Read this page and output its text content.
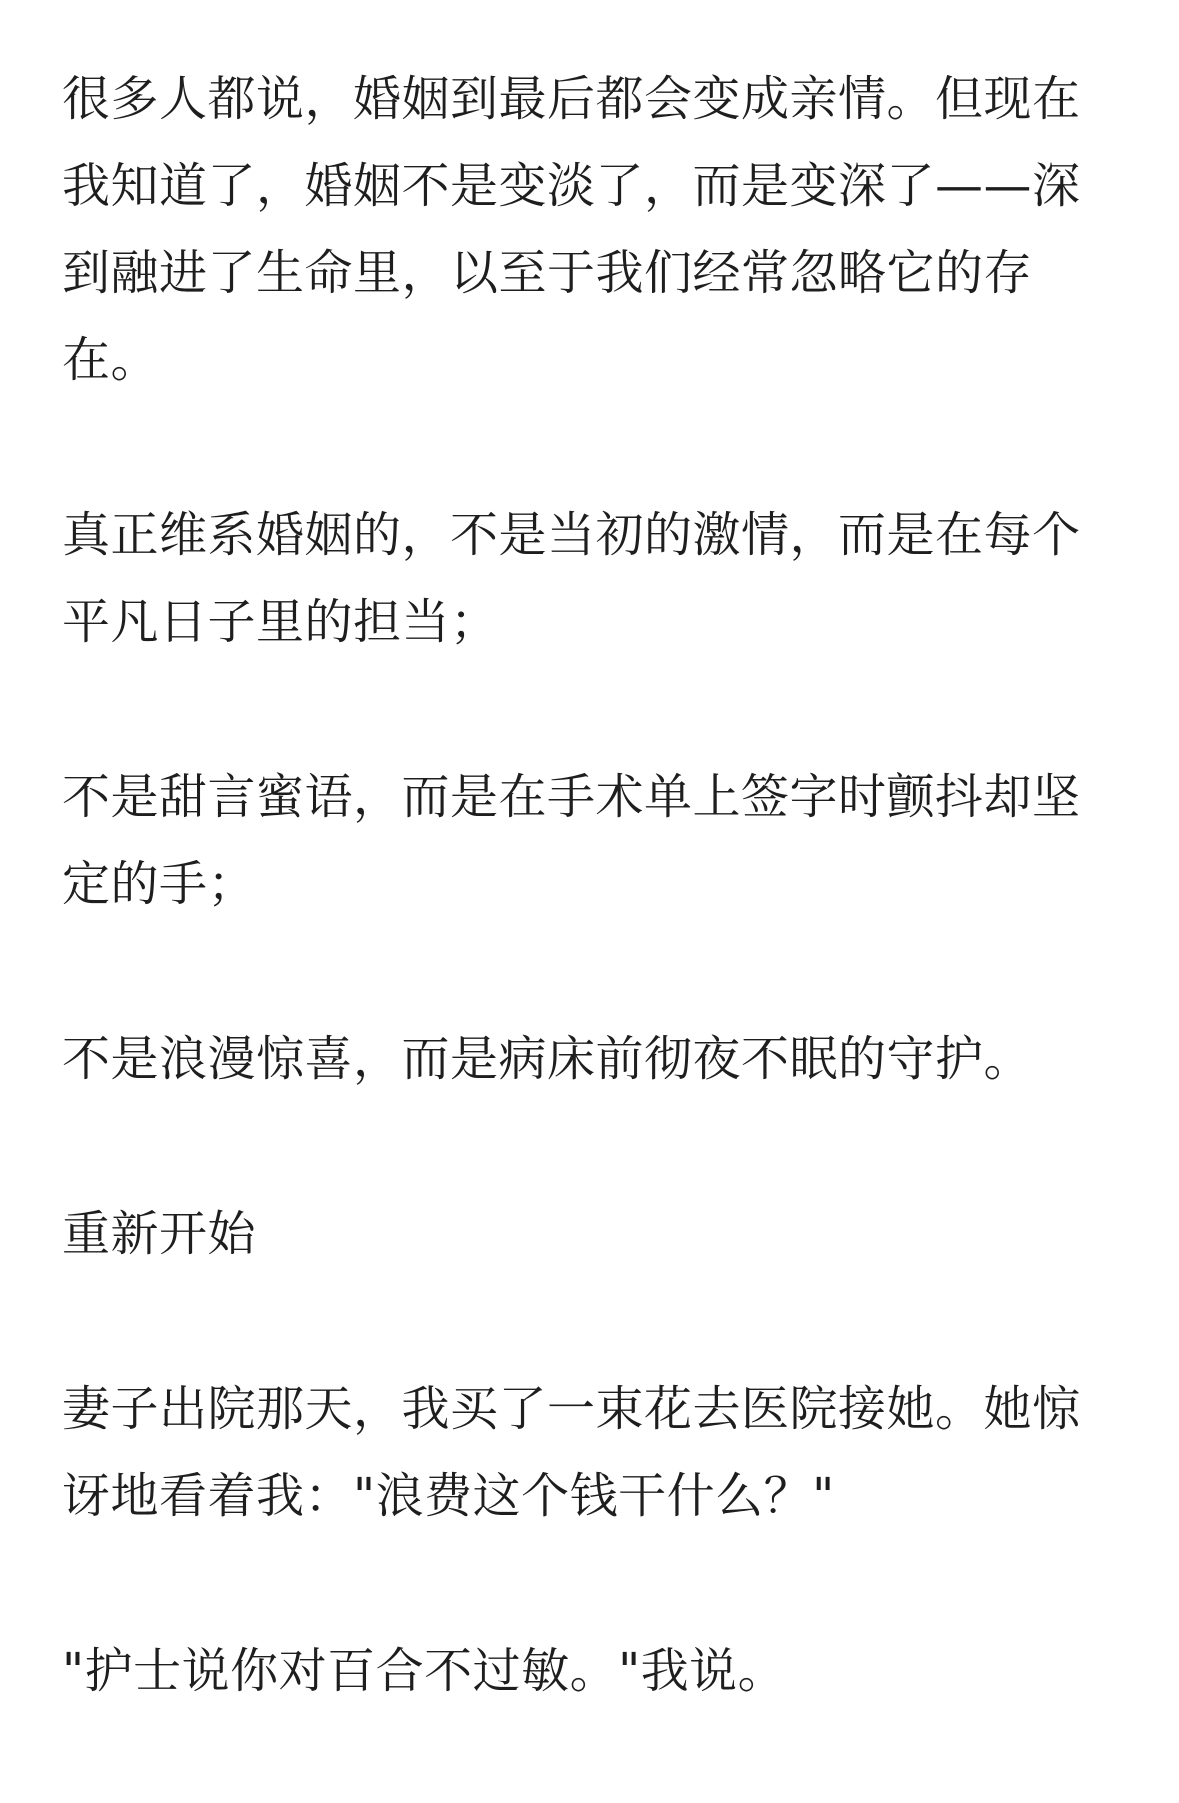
很多人都说，婚姻到最后都会变成亲情。但现在我知道了，婚姻不是变淡了，而是变深了——深到融进了生命里，以至于我们经常忽略它的存在。

真正维系婚姻的，不是当初的激情，而是在每个平凡日子里的担当；

不是甜言蜜语，而是在手术单上签字时颤抖却坚定的手；

不是浪漫惊喜，而是病床前彻夜不眠的守护。

重新开始

妻子出院那天，我买了一束花去医院接她。她惊讶地看着我："浪费这个钱干什么？"

"护士说你对百合不过敏。"我说。
